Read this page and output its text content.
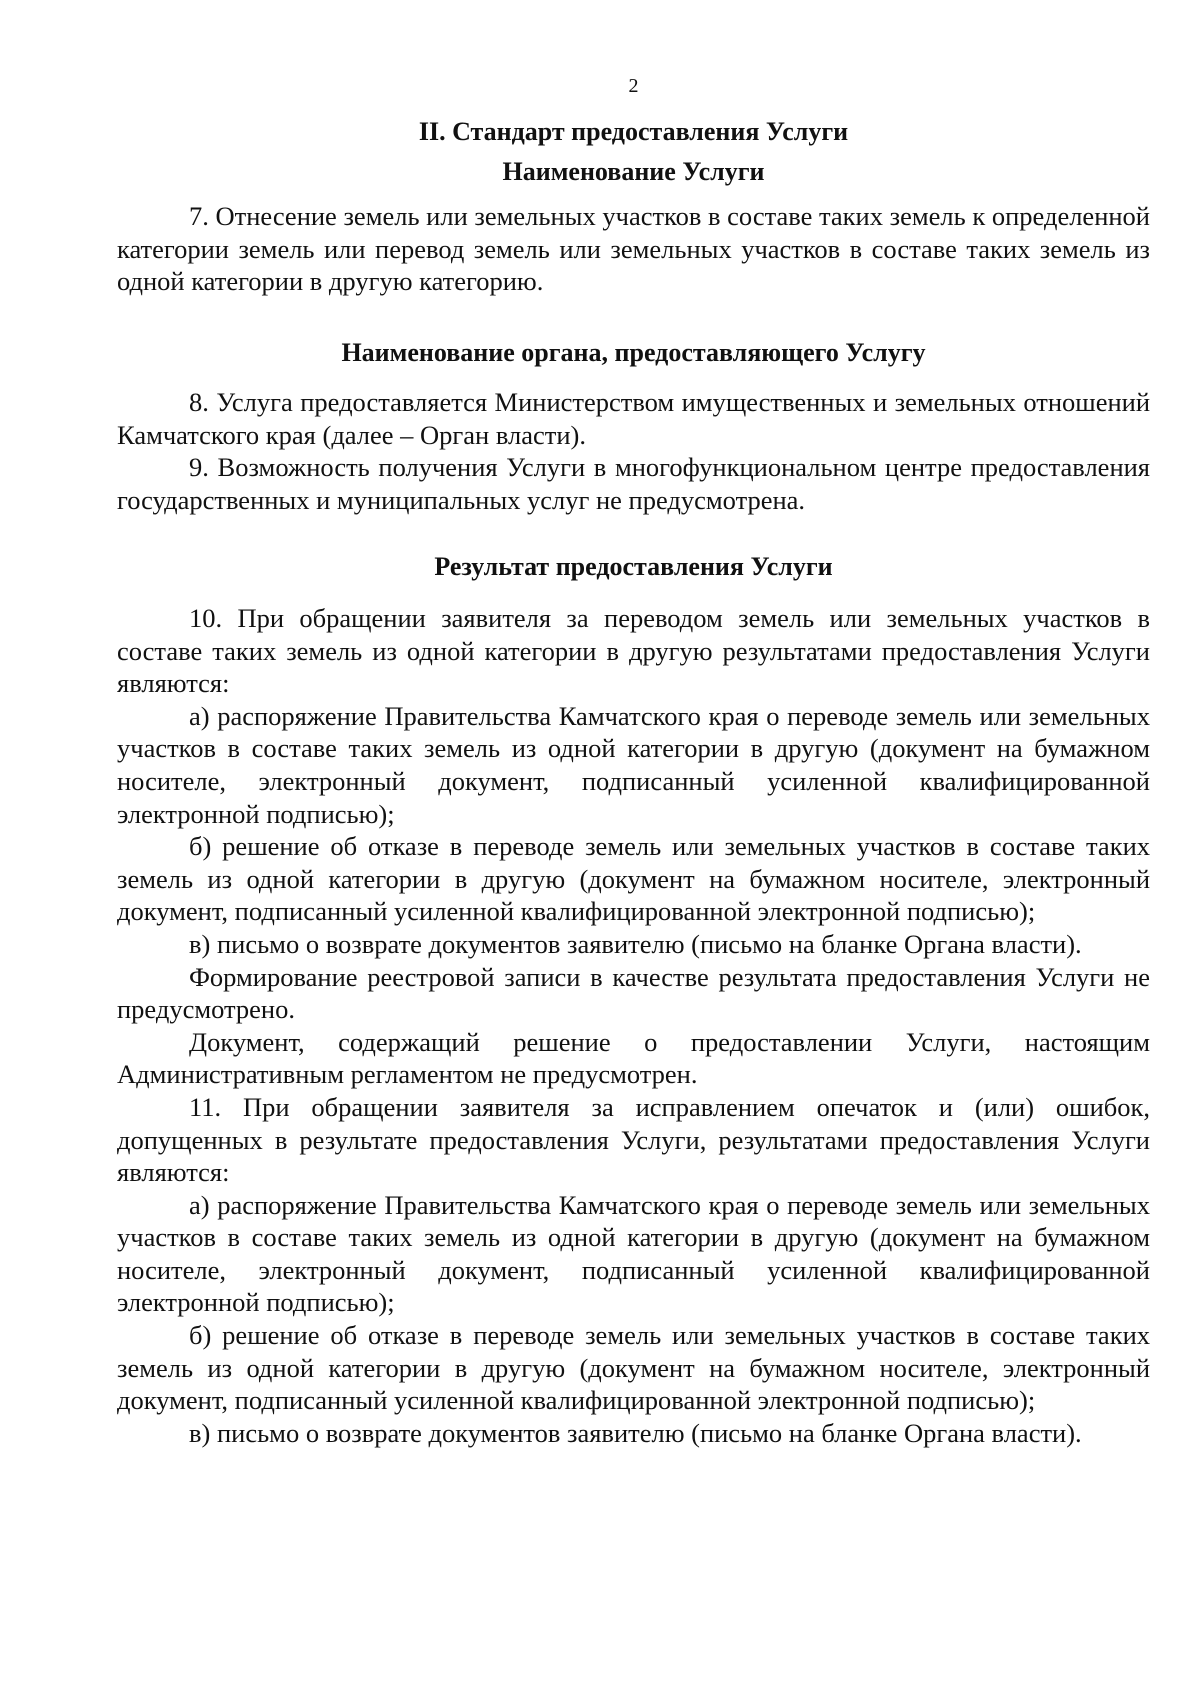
2
II. Стандарт предоставления Услуги
Наименование Услуги

7. Отнесение земель или земельных участков в составе таких земель к определенной категории земель или перевод земель или земельных участков в составе таких земель из одной категории в другую категорию.

Наименование органа, предоставляющего Услугу

8. Услуга предоставляется Министерством имущественных и земельных отношений Камчатского края (далее – Орган власти).

9. Возможность получения Услуги в многофункциональном центре предоставления государственных и муниципальных услуг не предусмотрена.

Результат предоставления Услуги

10. При обращении заявителя за переводом земель или земельных участков в составе таких земель из одной категории в другую результатами предоставления Услуги являются:

а) распоряжение Правительства Камчатского края о переводе земель или земельных участков в составе таких земель из одной категории в другую (документ на бумажном носителе, электронный документ, подписанный усиленной квалифицированной электронной подписью);

б) решение об отказе в переводе земель или земельных участков в составе таких земель из одной категории в другую (документ на бумажном носителе, электронный документ, подписанный усиленной квалифицированной электронной подписью);

в) письмо о возврате документов заявителю (письмо на бланке Органа власти).

Формирование реестровой записи в качестве результата предоставления Услуги не предусмотрено.

Документ, содержащий решение о предоставлении Услуги, настоящим Административным регламентом не предусмотрен.

11. При обращении заявителя за исправлением опечаток и (или) ошибок, допущенных в результате предоставления Услуги, результатами предоставления Услуги являются:

а) распоряжение Правительства Камчатского края о переводе земель или земельных участков в составе таких земель из одной категории в другую (документ на бумажном носителе, электронный документ, подписанный усиленной квалифицированной электронной подписью);

б) решение об отказе в переводе земель или земельных участков в составе таких земель из одной категории в другую (документ на бумажном носителе, электронный документ, подписанный усиленной квалифицированной электронной подписью);

в) письмо о возврате документов заявителю (письмо на бланке Органа власти).
